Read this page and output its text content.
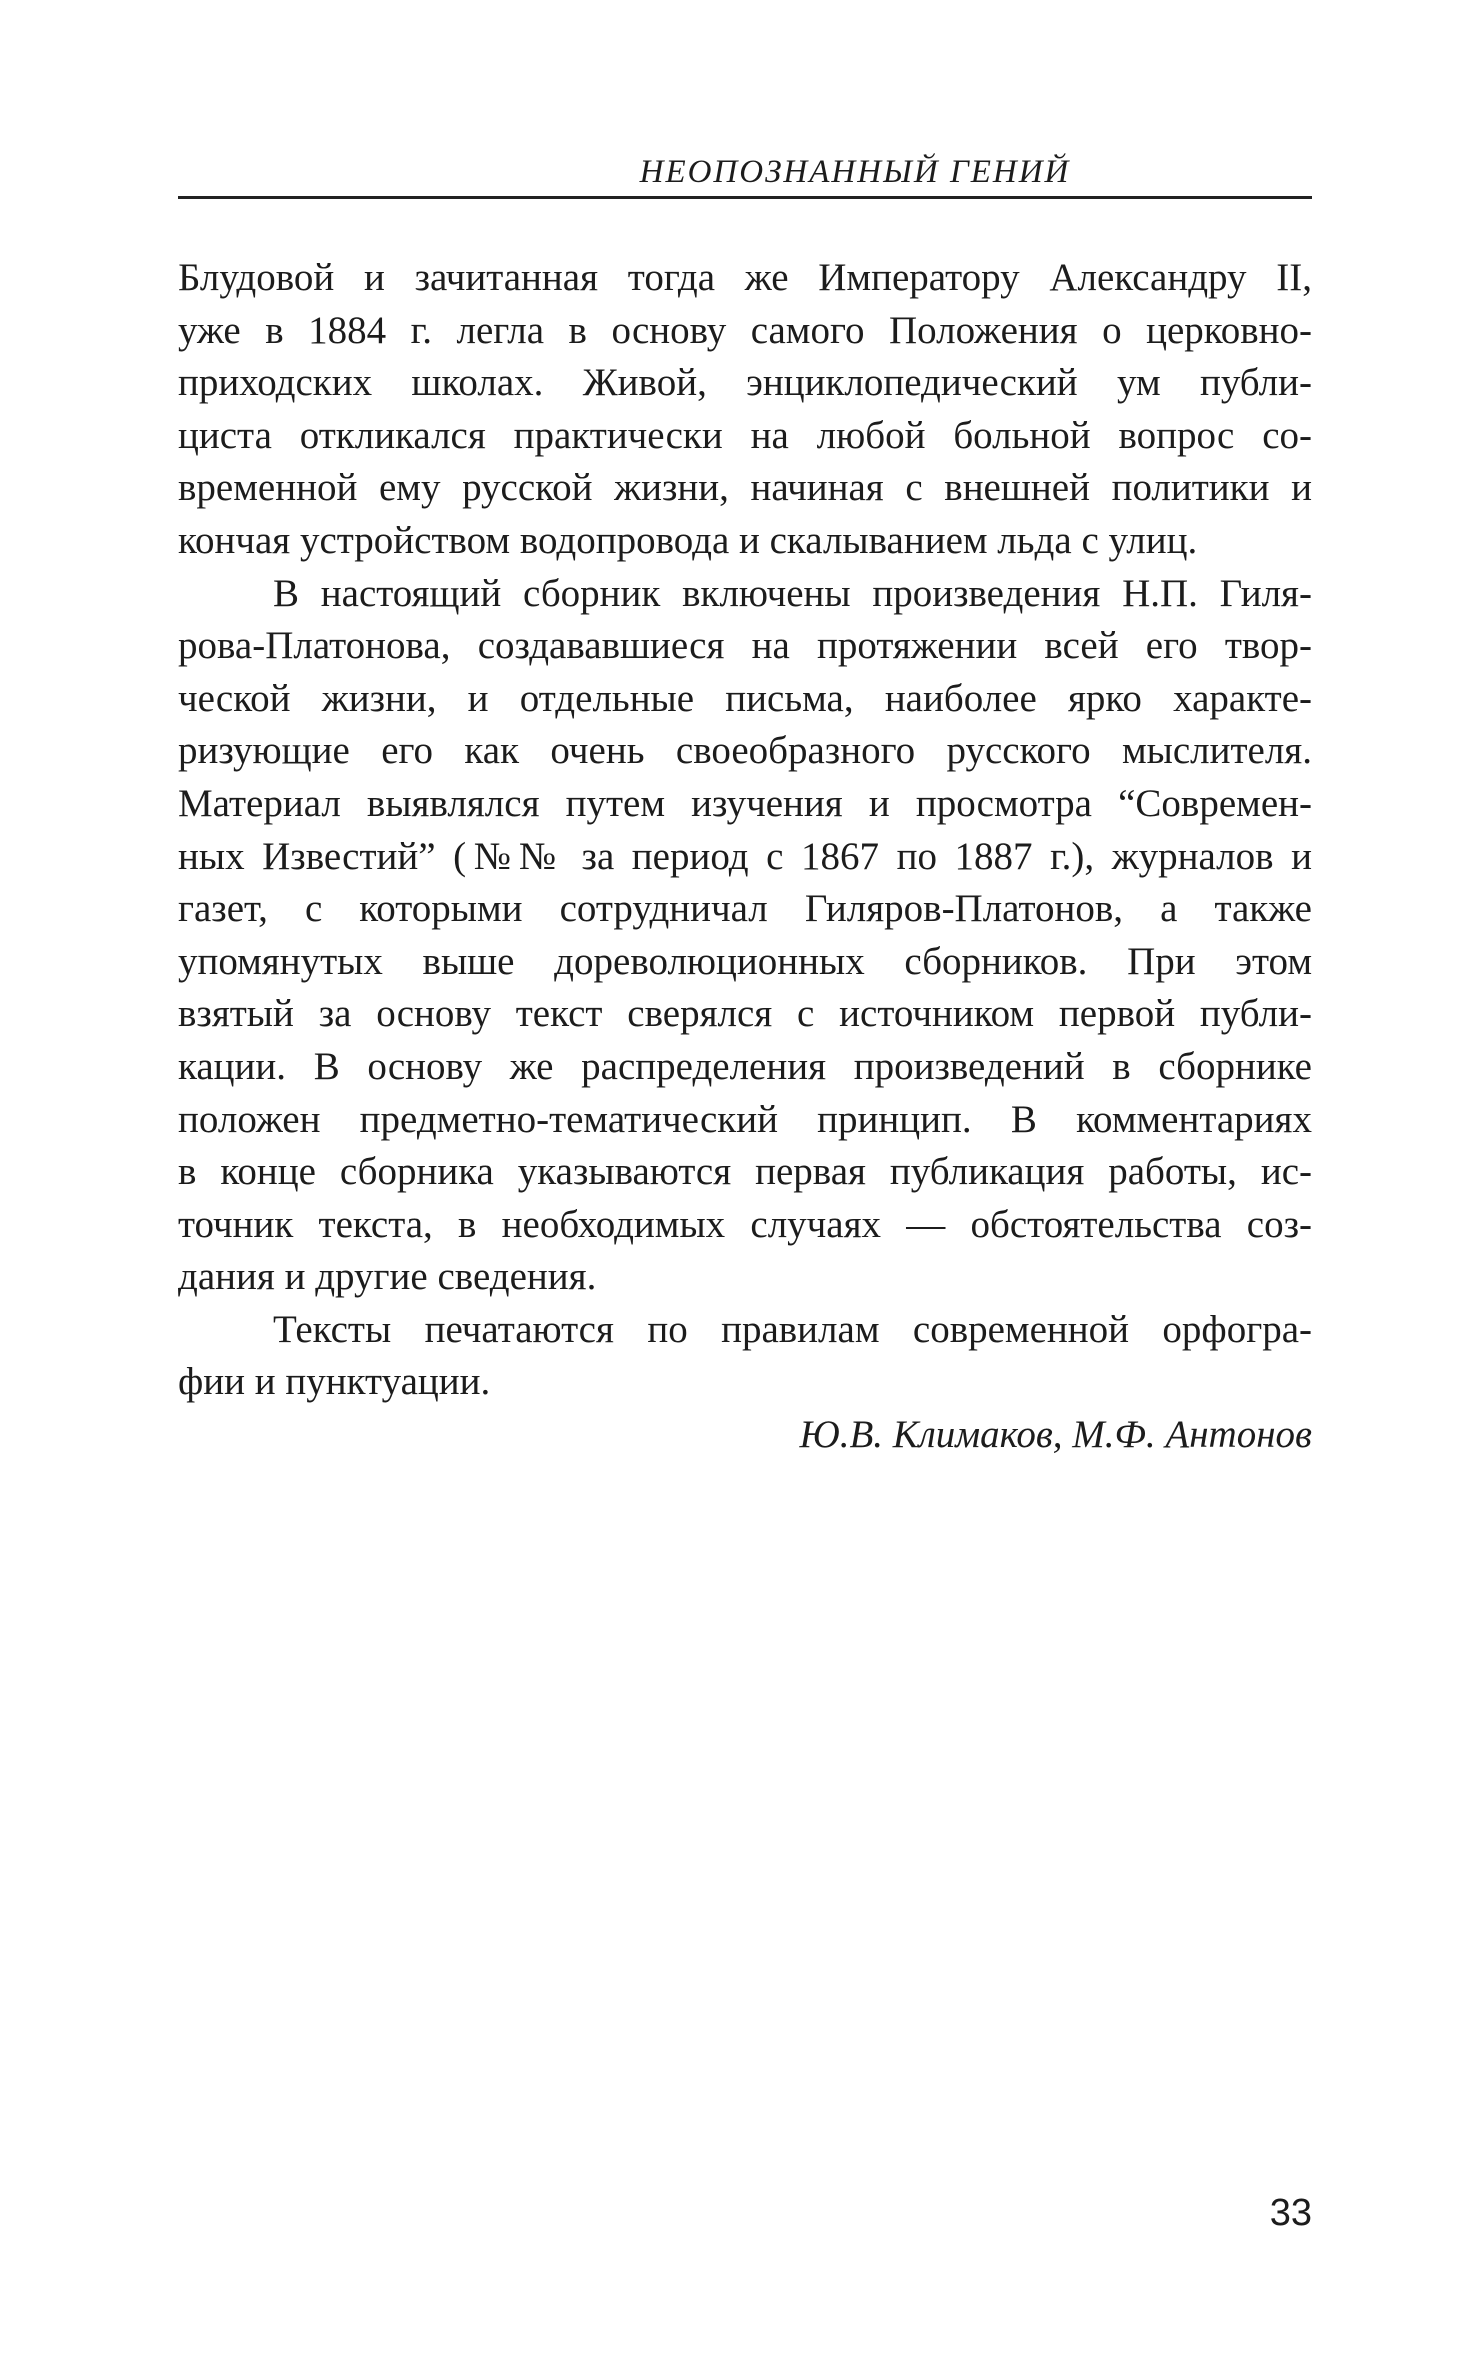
НЕОПОЗНАННЫЙ ГЕНИЙ
Блудовой и зачитанная тогда же Императору Александру II,
уже в 1884 г. легла в основу самого Положения о церковно-
приходских школах. Живой, энциклопедический ум публи-
циста откликался практически на любой больной вопрос со-
временной ему русской жизни, начиная с внешней политики и
кончая устройством водопровода и скалыванием льда с улиц.
В настоящий сборник включены произведения Н.П. Гиля-
рова-Платонова, создававшиеся на протяжении всей его твор-
ческой жизни, и отдельные письма, наиболее ярко характе-
ризующие его как очень своеобразного русского мыслителя.
Материал выявлялся путем изучения и просмотра “Современ-
ных Известий” (№№ за период с 1867 по 1887 г.), журналов и
газет, с которыми сотрудничал Гиляров-Платонов, а также
упомянутых выше дореволюционных сборников. При этом
взятый за основу текст сверялся с источником первой публи-
кации. В основу же распределения произведений в сборнике
положен предметно-тематический принцип. В комментариях
в конце сборника указываются первая публикация работы, ис-
точник текста, в необходимых случаях — обстоятельства соз-
дания и другие сведения.
Тексты печатаются по правилам современной орфогра-
фии и пунктуации.
Ю.В. Климаков, М.Ф. Антонов
33
